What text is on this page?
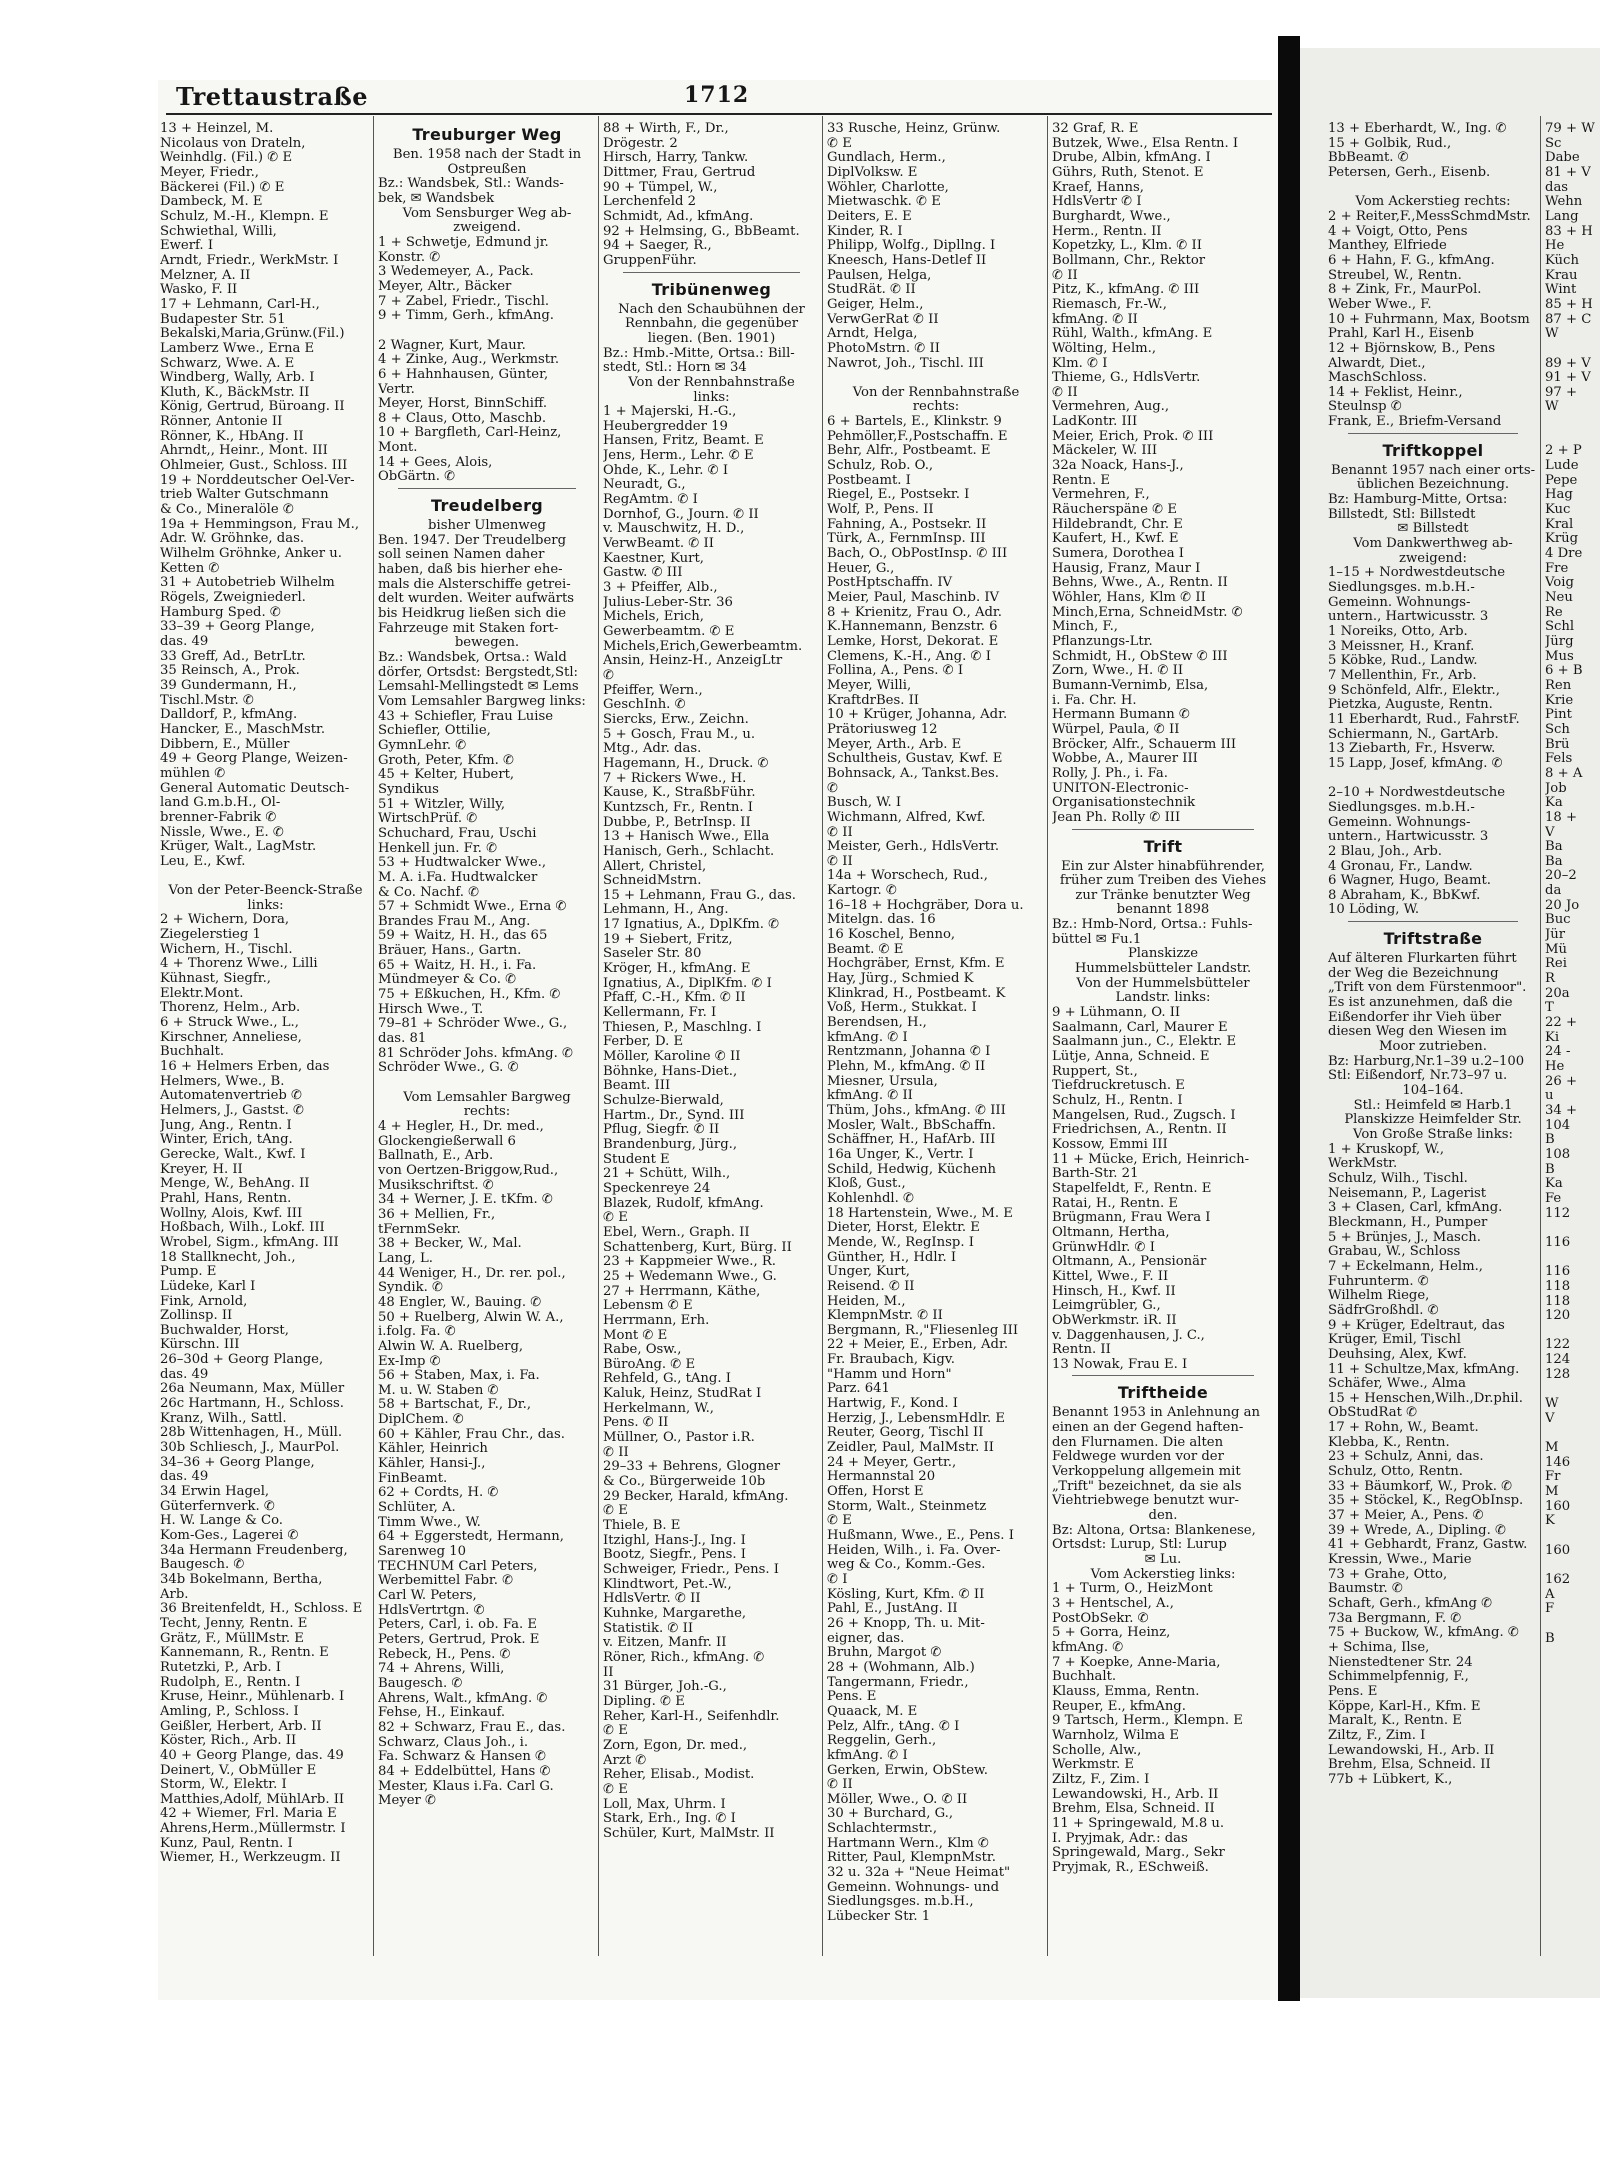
Trettaustraße	1712
13 + Heinzel, M.
Nicolaus von Drateln,
Weinhdlg. (Fil.) ✆ E
Meyer, Friedr.,
Bäckerei (Fil.) ✆ E
Dambeck, M. E
Schulz, M.-H., Klempn. E
Schwiethal, Willi,
Ewerf. I
Arndt, Friedr., WerkMstr. I
Melzner, A. II
Wasko, F. II
17 + Lehmann, Carl-H.,
Budapester Str. 51
Bekalski,Maria,Grünw.(Fil.)
Lamberz Wwe., Erna E
Schwarz, Wwe. A. E
Windberg, Wally, Arb. I
Kluth, K., BäckMstr. II
König, Gertrud, Büroang. II
Rönner, Antonie II
Rönner, K., HbAng. II
Ahrndt,, Heinr., Mont. III
Ohlmeier, Gust., Schloss. III
19 + Norddeutscher Oel-Ver-
trieb Walter Gutschmann
& Co., Mineralöle ✆
19a + Hemmingson, Frau M.,
Adr. W. Gröhnke, das.
Wilhelm Gröhnke, Anker u.
Ketten ✆
31 + Autobetrieb Wilhelm
Rögels, Zweigniederl.
Hamburg Sped. ✆
33–39 + Georg Plange,
das. 49
33 Greff, Ad., BetrLtr.
35 Reinsch, A., Prok.
39 Gundermann, H.,
Tischl.Mstr. ✆
Dalldorf, P., kfmAng.
Hancker, E., MaschMstr.
Dibbern, E., Müller
49 + Georg Plange, Weizen-
mühlen ✆
General Automatic Deutsch-
land G.m.b.H., Ol-
brenner-Fabrik ✆
Nissle, Wwe., E. ✆
Krüger, Walt., LagMstr.
Leu, E., Kwf.

Von der Peter-Beenck-Straße
links:
2 + Wichern, Dora,
Ziegelerstieg 1
Wichern, H., Tischl.
4 + Thorenz Wwe., Lilli
Kühnast, Siegfr.,
Elektr.Mont.
Thorenz, Helm., Arb.
6 + Struck Wwe., L.,
Kirschner, Anneliese,
Buchhalt.
16 + Helmers Erben, das
Helmers, Wwe., B.
Automatenvertrieb ✆
Helmers, J., Gastst. ✆
Jung, Ang., Rentn. I
Winter, Erich, tAng.
Gerecke, Walt., Kwf. I
Kreyer, H. II
Menge, W., BehAng. II
Prahl, Hans, Rentn.
Wollny, Alois, Kwf. III
Hoßbach, Wilh., Lokf. III
Wrobel, Sigm., kfmAng. III
18 Stallknecht, Joh.,
Pump. E
Lüdeke, Karl I
Fink, Arnold,
Zollinsp. II
Buchwalder, Horst,
Kürschn. III
26–30d + Georg Plange,
das. 49
26a Neumann, Max, Müller
26c Hartmann, H., Schloss.
Kranz, Wilh., Sattl.
28b Wittenhagen, H., Müll.
30b Schliesch, J., MaurPol.
34–36 + Georg Plange,
das. 49
34 Erwin Hagel,
Güterfernverk. ✆
H. W. Lange & Co.
Kom-Ges., Lagerei ✆
34a Hermann Freudenberg,
Baugesch. ✆
34b Bokelmann, Bertha,
Arb.
36 Breitenfeldt, H., Schloss. E
Techt, Jenny, Rentn. E
Grätz, F., MüllMstr. E
Kannemann, R., Rentn. E
Rutetzki, P., Arb. I
Rudolph, E., Rentn. I
Kruse, Heinr., Mühlenarb. I
Amling, P., Schloss. I
Geißler, Herbert, Arb. II
Köster, Rich., Arb. II
40 + Georg Plange, das. 49
Deinert, V., ObMüller E
Storm, W., Elektr. I
Matthies,Adolf, MühlArb. II
42 + Wiemer, Frl. Maria E
Ahrens,Herm.,Müllermstr. I
Kunz, Paul, Rentn. I
Wiemer, H., Werkzeugm. II
Treuburger Weg
Ben. 1958 nach der Stadt in
Ostpreußen
Bz.: Wandsbek, Stl.: Wands-
bek, ✉ Wandsbek
Vom Sensburger Weg ab-
zweigend.
1 + Schwetje, Edmund jr.
Konstr. ✆
3 Wedemeyer, A., Pack.
Meyer, Altr., Bäcker
7 + Zabel, Friedr., Tischl.
9 + Timm, Gerh., kfmAng.

2 Wagner, Kurt, Maur.
4 + Zinke, Aug., Werkmstr.
6 + Hahnhausen, Günter,
Vertr.
Meyer, Horst, BinnSchiff.
8 + Claus, Otto, Maschb.
10 + Bargfleth, Carl-Heinz,
Mont.
14 + Gees, Alois,
ObGärtn. ✆
Treudelberg
bisher Ulmenweg
Ben. 1947. Der Treudelberg
soll seinen Namen daher
haben, daß bis hierher ehe-
mals die Alsterschiffe getrei-
delt wurden. Weiter aufwärts
bis Heidkrug ließen sich die
Fahrzeuge mit Staken fort-
bewegen.
Bz.: Wandsbek, Ortsa.: Wald
dörfer, Ortsdst: Bergstedt,Stl:
Lemsahl-Mellingstedt ✉ Lems
Vom Lemsahler Bargweg links:
43 + Schiefler, Frau Luise
Schiefler, Ottilie,
GymnLehr. ✆
Groth, Peter, Kfm. ✆
45 + Kelter, Hubert,
Syndikus
51 + Witzler, Willy,
WirtschPrüf. ✆
Schuchard, Frau, Uschi
Henkell jun. Fr. ✆
53 + Hudtwalcker Wwe.,
M. A. i.Fa. Hudtwalcker
& Co. Nachf. ✆
57 + Schmidt Wwe., Erna ✆
Brandes Frau M., Ang.
59 + Waitz, H. H., das 65
Bräuer, Hans., Gartn.
65 + Waitz, H. H., i. Fa.
Mündmeyer & Co. ✆
75 + Eßkuchen, H., Kfm. ✆
Hirsch Wwe., T.
79–81 + Schröder Wwe., G.,
das. 81
81 Schröder Johs. kfmAng. ✆
Schröder Wwe., G. ✆

Vom Lemsahler Bargweg
rechts:
4 + Hegler, H., Dr. med.,
Glockengießerwall 6
Ballnath, E., Arb.
von Oertzen-Briggow,Rud.,
Musikschriftst. ✆
34 + Werner, J. E. tKfm. ✆
36 + Mellien, Fr.,
tFernmSekr.
38 + Becker, W., Mal.
Lang, L.
44 Weniger, H., Dr. rer. pol.,
Syndik. ✆
48 Engler, W., Bauing. ✆
50 + Ruelberg, Alwin W. A.,
i.folg. Fa. ✆
Alwin W. A. Ruelberg,
Ex-Imp ✆
56 + Staben, Max, i. Fa.
M. u. W. Staben ✆
58 + Bartschat, F., Dr.,
DiplChem. ✆
60 + Kähler, Frau Chr., das.
Kähler, Heinrich
Kähler, Hansi-J.,
FinBeamt.
62 + Cordts, H. ✆
Schlüter, A.
Timm Wwe., W.
64 + Eggerstedt, Hermann,
Sarenweg 10
TECHNUM Carl Peters,
Werbemittel Fabr. ✆
Carl W. Peters,
HdlsVertrtgn. ✆
Peters, Carl, i. ob. Fa. E
Peters, Gertrud, Prok. E
Rebeck, H., Pens. ✆
74 + Ahrens, Willi,
Baugesch. ✆
Ahrens, Walt., kfmAng. ✆
Fehse, H., Einkauf.
82 + Schwarz, Frau E., das.
Schwarz, Claus Joh., i.
Fa. Schwarz & Hansen ✆
84 + Eddelbüttel, Hans ✆
Mester, Klaus i.Fa. Carl G.
Meyer ✆
88 + Wirth, F., Dr.,
Drögestr. 2
Hirsch, Harry, Tankw.
Dittmer, Frau, Gertrud
90 + Tümpel, W.,
Lerchenfeld 2
Schmidt, Ad., kfmAng.
92 + Helmsing, G., BbBeamt.
94 + Saeger, R.,
GruppenFühr.
Tribünenweg
Nach den Schaubühnen der
Rennbahn, die gegenüber
liegen. (Ben. 1901)
Bz.: Hmb.-Mitte, Ortsa.: Bill-
stedt, Stl.: Horn ✉ 34
Von der Rennbahnstraße
links:
1 + Majerski, H.-G.,
Heubergredder 19
Hansen, Fritz, Beamt. E
Jens, Herm., Lehr. ✆ E
Ohde, K., Lehr. ✆ I
Neuradt, G.,
RegAmtm. ✆ I
Dornhof, G., Journ. ✆ II
v. Mauschwitz, H. D.,
VerwBeamt. ✆ II
Kaestner, Kurt,
Gastw. ✆ III
3 + Pfeiffer, Alb.,
Julius-Leber-Str. 36
Michels, Erich,
Gewerbeamtm. ✆ E
Michels,Erich,Gewerbeamtm.
Ansin, Heinz-H., AnzeigLtr
✆
Pfeiffer, Wern.,
GeschInh. ✆
Siercks, Erw., Zeichn.
5 + Gosch, Frau M., u.
Mtg., Adr. das.
Hagemann, H., Druck. ✆
7 + Rickers Wwe., H.
Kause, K., StraßbFühr.
Kuntzsch, Fr., Rentn. I
Dubbe, P., BetrInsp. II
13 + Hanisch Wwe., Ella
Hanisch, Gerh., Schlacht.
Allert, Christel,
SchneidMstrn.
15 + Lehmann, Frau G., das.
Lehmann, H., Ang.
17 Ignatius, A., DplKfm. ✆
19 + Siebert, Fritz,
Saseler Str. 80
Kröger, H., kfmAng. E
Ignatius, A., DiplKfm. ✆ I
Pfaff, C.-H., Kfm. ✆ II
Kellermann, Fr. I
Thiesen, P., Maschlng. I
Ferber, D. E
Möller, Karoline ✆ II
Böhnke, Hans-Diet.,
Beamt. III
Schulze-Bierwald,
Hartm., Dr., Synd. III
Pflug, Siegfr. ✆ II
Brandenburg, Jürg.,
Student E
21 + Schütt, Wilh.,
Speckenreye 24
Blazek, Rudolf, kfmAng.
✆ E
Ebel, Wern., Graph. II
Schattenberg, Kurt, Bürg. II
23 + Kappmeier Wwe., R.
25 + Wedemann Wwe., G.
27 + Herrmann, Käthe,
Lebensm ✆ E
Herrmann, Erh.
Mont ✆ E
Rabe, Osw.,
BüroAng. ✆ E
Rehfeld, G., tAng. I
Kaluk, Heinz, StudRat I
Herkelmann, W.,
Pens. ✆ II
Müllner, O., Pastor i.R.
✆ II
29–33 + Behrens, Glogner
& Co., Bürgerweide 10b
29 Becker, Harald, kfmAng.
✆ E
Thiele, B. E
Itzighl, Hans-J., Ing. I
Bootz, Siegfr., Pens. I
Schweiger, Friedr., Pens. I
Klindtwort, Pet.-W.,
HdlsVertr. ✆ II
Kuhnke, Margarethe,
Statistik. ✆ II
v. Eitzen, Manfr. II
Röner, Rich., kfmAng. ✆
II
31 Bürger, Joh.-G.,
Dipling. ✆ E
Reher, Karl-H., Seifenhdlr.
✆ E
Zorn, Egon, Dr. med.,
Arzt ✆
Reher, Elisab., Modist.
✆ E
Loll, Max, Uhrm. I
Stark, Erh., Ing. ✆ I
Schüler, Kurt, MalMstr. II
33 Rusche, Heinz, Grünw.
✆ E
Gundlach, Herm.,
DiplVolksw. E
Wöhler, Charlotte,
Mietwaschk. ✆ E
Deiters, E. E
Kinder, R. I
Philipp, Wolfg., Dipllng. I
Kneesch, Hans-Detlef II
Paulsen, Helga,
StudRät. ✆ II
Geiger, Helm.,
VerwGerRat ✆ II
Arndt, Helga,
PhotoMstrn. ✆ II
Nawrot, Joh., Tischl. III

Von der Rennbahnstraße
rechts:
6 + Bartels, E., Klinkstr. 9
Pehmöller,F.,Postschaffn. E
Behr, Alfr., Postbeamt. E
Schulz, Rob. O.,
Postbeamt. I
Riegel, E., Postsekr. I
Wolf, P., Pens. II
Fahning, A., Postsekr. II
Türk, A., FernmInsp. III
Bach, O., ObPostInsp. ✆ III
Heuer, G.,
PostHptschaffn. IV
Meier, Paul, Maschinb. IV
8 + Krienitz, Frau O., Adr.
K.Hannemann, Benzstr. 6
Lemke, Horst, Dekorat. E
Clemens, K.-H., Ang. ✆ I
Follina, A., Pens. ✆ I
Meyer, Willi,
KraftdrBes. II
10 + Krüger, Johanna, Adr.
Prätoriusweg 12
Meyer, Arth., Arb. E
Schultheis, Gustav, Kwf. E
Bohnsack, A., Tankst.Bes.
✆
Busch, W. I
Wichmann, Alfred, Kwf.
✆ II
Meister, Gerh., HdlsVertr.
✆ II
14a + Worschech, Rud.,
Kartogr. ✆
16–18 + Hochgräber, Dora u.
Mitelgn. das. 16
16 Koschel, Benno,
Beamt. ✆ E
Hochgräber, Ernst, Kfm. E
Hay, Jürg., Schmied K
Klinkrad, H., Postbeamt. K
Voß, Herm., Stukkat. I
Berendsen, H.,
kfmAng. ✆ I
Rentzmann, Johanna ✆ I
Plehn, M., kfmAng. ✆ II
Miesner, Ursula,
kfmAng. ✆ II
Thüm, Johs., kfmAng. ✆ III
Mosler, Walt., BbSchaffn.
Schäffner, H., HafArb. III
16a Ünger, K., Vertr. I
Schild, Hedwig, Küchenh
Kloß, Gust.,
Kohlenhdl. ✆
18 Hartenstein, Wwe., M. E
Dieter, Horst, Elektr. E
Mende, W., RegInsp. I
Günther, H., Hdlr. I
Unger, Kurt,
Reisend. ✆ II
Heiden, M.,
KlempnMstr. ✆ II
Bergmann, R.,"Fliesenleg III
22 + Meier, E., Erben, Adr.
Fr. Braubach, Kigv.
"Hamm und Horn"
Parz. 641
Hartwig, F., Kond. I
Herzig, J., LebensmHdlr. E
Reuter, Georg, Tischl II
Zeidler, Paul, MalMstr. II
24 + Meyer, Gertr.,
Hermannstal 20
Offen, Horst E
Storm, Walt., Steinmetz
✆ E
Hußmann, Wwe., E., Pens. I
Heiden, Wilh., i. Fa. Over-
weg & Co., Komm.-Ges.
✆ I
Kösling, Kurt, Kfm. ✆ II
Pahl, E., JustAng. II
26 + Knopp, Th. u. Mit-
eigner, das.
Bruhn, Margot ✆
28 + (Wohmann, Alb.)
Tangermann, Friedr.,
Pens. E
Quaack, M. E
Pelz, Alfr., tAng. ✆ I
Reggelin, Gerh.,
kfmAng. ✆ I
Gerken, Erwin, ObStew.
✆ II
Möller, Wwe., O. ✆ II
30 + Burchard, G.,
Schlachtermstr.,
Hartmann Wern., Klm ✆
Ritter, Paul, KlempnMstr.
32 u. 32a + "Neue Heimat"
Gemeinn. Wohnungs- und
Siedlungsges. m.b.H.,
Lübecker Str. 1
32 Graf, R. E
Butzek, Wwe., Elsa Rentn. I
Drube, Albin, kfmAng. I
Gührs, Ruth, Stenot. E
Kraef, Hanns,
HdlsVertr ✆ I
Burghardt, Wwe.,
Herm., Rentn. II
Kopetzky, L., Klm. ✆ II
Bollmann, Chr., Rektor
✆ II
Pitz, K., kfmAng. ✆ III
Riemasch, Fr.-W.,
kfmAng. ✆ II
Rühl, Walth., kfmAng. E
Wölting, Helm.,
Klm. ✆ I
Thieme, G., HdlsVertr.
✆ II
Vermehren, Aug.,
LadKontr. III
Meier, Erich, Prok. ✆ III
Mäckeler, W. III
32a Noack, Hans-J.,
Rentn. E
Vermehren, F.,
Räucherspäne ✆ E
Hildebrandt, Chr. E
Kaufert, H., Kwf. E
Sumera, Dorothea I
Hausig, Franz, Maur I
Behns, Wwe., A., Rentn. II
Wöhler, Hans, Klm ✆ II
Minch,Erna, SchneidMstr. ✆
Minch, F.,
Pflanzungs-Ltr.
Schmidt, H., ObStew ✆ III
Zorn, Wwe., H. ✆ II
Bumann-Vernimb, Elsa,
i. Fa. Chr. H.
Hermann Bumann ✆
Würpel, Paula, ✆ II
Bröcker, Alfr., Schauerm III
Wobbe, A., Maurer III
Rolly, J. Ph., i. Fa.
UNITON-Electronic-
Organisationstechnik
Jean Ph. Rolly ✆ III
Trift
Ein zur Alster hinabführender,
früher zum Treiben des Viehes
zur Tränke benutzter Weg
benannt 1898
Bz.: Hmb-Nord, Ortsa.: Fuhls-
büttel ✉ Fu.1
Planskizze
Hummelsbütteler Landstr.
Von der Hummelsbütteler
Landstr. links:
9 + Lühmann, O. II
Saalmann, Carl, Maurer E
Saalmann jun., C., Elektr. E
Lütje, Anna, Schneid. E
Ruppert, St.,
Tiefdruckretusch. E
Schulz, H., Rentn. I
Mangelsen, Rud., Zugsch. I
Friedrichsen, A., Rentn. II
Kossow, Emmi III
11 + Mücke, Erich, Heinrich-
Barth-Str. 21
Stapelfeldt, F., Rentn. E
Ratai, H., Rentn. E
Brügmann, Frau Wera I
Oltmann, Hertha,
GrünwHdlr. ✆ I
Oltmann, A., Pensionär
Kittel, Wwe., F. II
Hinsch, H., Kwf. II
Leimgrübler, G.,
ObWerkmstr. iR. II
v. Daggenhausen, J. C.,
Rentn. II
13 Nowak, Frau E. I
Triftheide
Benannt 1953 in Anlehnung an
einen an der Gegend haften-
den Flurnamen. Die alten
Feldwege wurden vor der
Verkoppelung allgemein mit
„Trift" bezeichnet, da sie als
Viehtriebwege benutzt wur-
den.
Bz: Altona, Ortsa: Blankenese,
Ortsdst: Lurup, Stl: Lurup
✉ Lu.
Vom Ackerstieg links:
1 + Turm, O., HeizMont
3 + Hentschel, A.,
PostObSekr. ✆
5 + Gorra, Heinz,
kfmAng. ✆
7 + Koepke, Anne-Maria,
Buchhalt.
Klauss, Emma, Rentn.
Reuper, E., kfmAng.
9 Tartsch, Herm., Klempn. E
Warnholz, Wilma E
Scholle, Alw.,
Werkmstr. E
Ziltz, F., Zim. I
Lewandowski, H., Arb. II
Brehm, Elsa, Schneid. II
11 + Springewald, M.8 u.
I. Pryjmak, Adr.: das
Springewald, Marg., Sekr
Pryjmak, R., ESchweiß.
13 + Eberhardt, W., Ing. ✆
15 + Golbik, Rud.,
BbBeamt. ✆
Petersen, Gerh., Eisenb.

Vom Ackerstieg rechts:
2 + Reiter,F.,MessSchmdMstr.
4 + Voigt, Otto, Pens
Manthey, Elfriede
6 + Hahn, F. G., kfmAng.
Streubel, W., Rentn.
8 + Zink, Fr., MaurPol.
Weber Wwe., F.
10 + Fuhrmann, Max, Bootsm
Prahl, Karl H., Eisenb
12 + Björnskow, B., Pens
Alwardt, Diet.,
MaschSchloss.
14 + Feklist, Heinr.,
Steulnsp ✆
Frank, E., Briefm-Versand
Triftkoppel
Benannt 1957 nach einer orts-
üblichen Bezeichnung.
Bz: Hamburg-Mitte, Ortsa:
Billstedt, Stl: Billstedt
✉ Billstedt
Vom Dankwerthweg ab-
zweigend:
1–15 + Nordwestdeutsche
Siedlungsges. m.b.H.-
Gemeinn. Wohnungs-
untern., Hartwicusstr. 3
1 Noreiks, Otto, Arb.
3 Meissner, H., Kranf.
5 Köbke, Rud., Landw.
7 Mellenthin, Fr., Arb.
9 Schönfeld, Alfr., Elektr.,
Pietzka, Auguste, Rentn.
11 Eberhardt, Rud., FahrstF.
Schiermann, N., GartArb.
13 Ziebarth, Fr., Hsverw.
15 Lapp, Josef, kfmAng. ✆

2–10 + Nordwestdeutsche
Siedlungsges. m.b.H.-
Gemeinn. Wohnungs-
untern., Hartwicusstr. 3
2 Blau, Joh., Arb.
4 Gronau, Fr., Landw.
6 Wagner, Hugo, Beamt.
8 Abraham, K., BbKwf.
10 Löding, W.
Triftstraße
Auf älteren Flurkarten führt
der Weg die Bezeichnung
„Trift von dem Fürstenmoor".
Es ist anzunehmen, daß die
Eißendorfer ihr Vieh über
diesen Weg den Wiesen im
Moor zutrieben.
Bz: Harburg,Nr.1–39 u.2–100
Stl: Eißendorf, Nr.73–97 u.
104–164.
Stl.: Heimfeld ✉ Harb.1
Planskizze Heimfelder Str.
Von Große Straße links:
1 + Kruskopf, W.,
WerkMstr.
Schulz, Wilh., Tischl.
Neisemann, P., Lagerist
3 + Clasen, Carl, kfmAng.
Bleckmann, H., Pumper
5 + Brünjes, J., Masch.
Grabau, W., Schloss
7 + Eckelmann, Helm.,
Fuhrunterm. ✆
Wilhelm Riege,
SädfrGroßhdl. ✆
9 + Krüger, Edeltraut, das
Krüger, Emil, Tischl
Deuhsing, Alex, Kwf.
11 + Schultze,Max, kfmAng.
Schäfer, Wwe., Alma
15 + Henschen,Wilh.,Dr.phil.
ObStudRat ✆
17 + Rohn, W., Beamt.
Klebba, K., Rentn.
23 + Schulz, Anni, das.
Schulz, Otto, Rentn.
33 + Bäumkorf, W., Prok. ✆
35 + Stöckel, K., RegObInsp.
37 + Meier, A., Pens. ✆
39 + Wrede, A., Dipling. ✆
41 + Gebhardt, Franz, Gastw.
Kressin, Wwe., Marie
73 + Grahe, Otto,
Baumstr. ✆
Schaft, Gerh., kfmAng ✆
73a Bergmann, F. ✆
75 + Buckow, W., kfmAng. ✆
+ Schima, Ilse,
Nienstedtener Str. 24
Schimmelpfennig, F.,
Pens. E
Köppe, Karl-H., Kfm. E
Maralt, K., Rentn. E
Ziltz, F., Zim. I
Lewandowski, H., Arb. II
Brehm, Elsa, Schneid. II
77b + Lübkert, K.,
79 + W
Sc
Dabe
81 + V
das
Wehn
Lang
83 + H
He
Küch
Krau
Wint
85 + H
87 + C
W

89 + V
91 + V
97 +
W

2 + P
Lude
Pepe
Hag
Kuc
Kral
Krüg
4 Dre
Fre
Voig
Neu
Re
Schl
Jürg
Mus
6 + B
Ren
Krie
Pint
Sch
Brü
Fels
8 + A
Job
Ka
18 +
V
Ba
Ba
20–2
da
20 Jo
Buc
Jür
Mü
Rei
R
20a
T
22 +
Ki
24 -
He
26 +
u
34 +
104
B
108
B
Ka
Fe
112

116

116
118
118
120

122
124
128

W
V

M
146
Fr
M
160
K

160

162
A
F

B
